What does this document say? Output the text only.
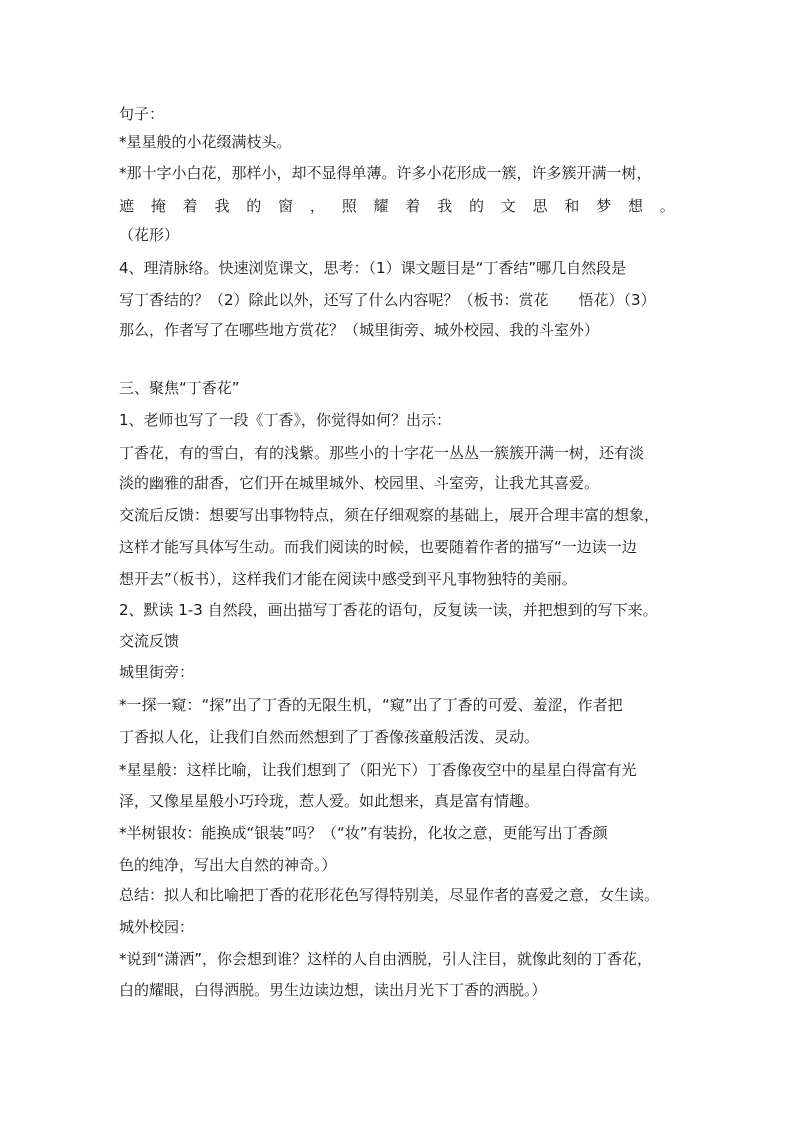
句子：
*星星般的小花缀满枝头。
*那十字小白花，那样小，却不显得单薄。许多小花形成一簇，许多簇开满一树，
遮 掩 着 我 的 窗 ， 照 耀 着 我 的 文 思 和 梦 想 。
（花形）
4、理清脉络。快速浏览课文，思考：（1）课文题目是“丁香结”哪几自然段是
写丁香结的？（2）除此以外，还写了什么内容呢？（板书：赏花　　悟花）（3）
那么，作者写了在哪些地方赏花？（城里街旁、城外校园、我的斗室外）
三、聚焦“丁香花”
1、老师也写了一段《丁香》，你觉得如何？出示：
丁香花，有的雪白，有的浅紫。那些小的十字花一丛丛一簇簇开满一树，还有淡
淡的幽雅的甜香，它们开在城里城外、校园里、斗室旁，让我尤其喜爱。
交流后反馈：想要写出事物特点，须在仔细观察的基础上，展开合理丰富的想象，
这样才能写具体写生动。而我们阅读的时候，也要随着作者的描写“一边读一边
想开去”（板书），这样我们才能在阅读中感受到平凡事物独特的美丽。
2、默读 1-3 自然段，画出描写丁香花的语句，反复读一读，并把想到的写下来。
交流反馈
城里街旁：
*一探一窥：“探”出了丁香的无限生机，“窥”出了丁香的可爱、羞涩，作者把
丁香拟人化，让我们自然而然想到了丁香像孩童般活泼、灵动。
*星星般：这样比喻，让我们想到了（阳光下）丁香像夜空中的星星白得富有光
泽，又像星星般小巧玲珑，惹人爱。如此想来，真是富有情趣。
*半树银妆：能换成“银装”吗？（“妆”有装扮，化妆之意，更能写出丁香颜
色的纯净，写出大自然的神奇。）
总结：拟人和比喻把丁香的花形花色写得特别美，尽显作者的喜爱之意，女生读。
城外校园：
*说到“潇洒”，你会想到谁？这样的人自由洒脱，引人注目，就像此刻的丁香花，
白的耀眼，白得洒脱。男生边读边想，读出月光下丁香的洒脱。）
